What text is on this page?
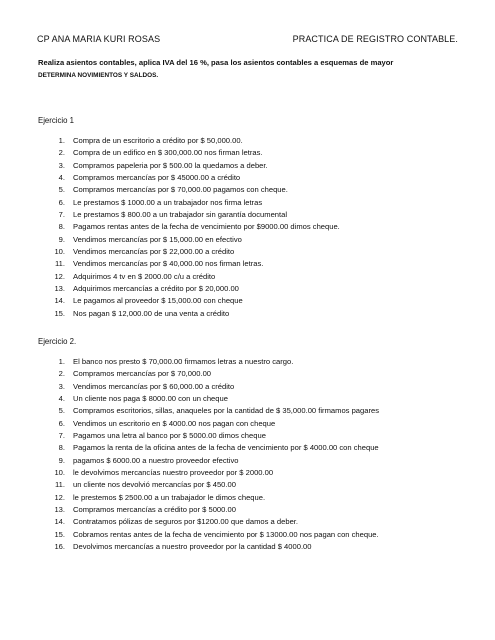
CP ANA MARIA KURI ROSAS	PRACTICA DE REGISTRO CONTABLE.
Realiza asientos contables, aplica IVA del 16 %, pasa los asientos contables a esquemas de mayor
DETERMINA NOVIMIENTOS Y SALDOS.
Ejercicio 1
1.	Compra de un escritorio a crédito por $ 50,000.00.
2.	Compra de un edifico en $ 300,000.00 nos firman letras.
3.	Compramos papeleria por $ 500.00 la quedamos a deber.
4.	Compramos mercancías por $ 45000.00 a crédito
5.	Compramos mercancías por $ 70,000.00 pagamos con cheque.
6.	Le prestamos $ 1000.00 a un trabajador nos firma letras
7.	Le prestamos $ 800.00 a un trabajador sin garantía documental
8.	Pagamos rentas antes de la fecha de vencimiento por $9000.00 dimos cheque.
9.	Vendimos mercancías por $ 15,000.00 en efectivo
10.	Vendimos mercancías por $ 22,000.00 a crédito
11.	Vendimos mercancías por $ 40,000.00 nos firman letras.
12.	Adquirimos 4 tv en $ 2000.00 c/u a crédito
13.	Adquirimos mercancías a crédito por $ 20,000.00
14.	Le pagamos al proveedor $ 15,000.00 con cheque
15.	Nos pagan $ 12,000.00 de una venta a crédito
Ejercicio 2.
1.	El banco nos presto $ 70,000.00 firmamos letras a nuestro cargo.
2.	Compramos mercancías por $ 70,000.00
3.	Vendimos mercancías por $ 60,000.00 a crédito
4.	Un cliente nos paga $ 8000.00 con un cheque
5.	Compramos escritorios, sillas, anaqueles por la cantidad de $ 35,000.00 firmamos pagares
6.	Vendimos un escritorio en $ 4000.00 nos pagan con cheque
7.	Pagamos una letra al banco por $ 5000.00 dimos cheque
8.	Pagamos la renta de la oficina antes de la fecha de vencimiento por $ 4000.00 con cheque
9.	pagamos $ 6000.00 a nuestro proveedor efectivo
10.	le devolvimos mercancías nuestro proveedor por $ 2000.00
11.	un cliente nos devolvió mercancías por $ 450.00
12.	le prestemos $ 2500.00 a un trabajador le dimos cheque.
13.	Compramos mercancías a crédito por $ 5000.00
14.	Contratamos pólizas de seguros por $1200.00 que damos a deber.
15.	Cobramos rentas antes de la fecha de vencimiento por $ 13000.00 nos pagan con cheque.
16.	Devolvimos mercancías a nuestro proveedor por la cantidad $ 4000.00
